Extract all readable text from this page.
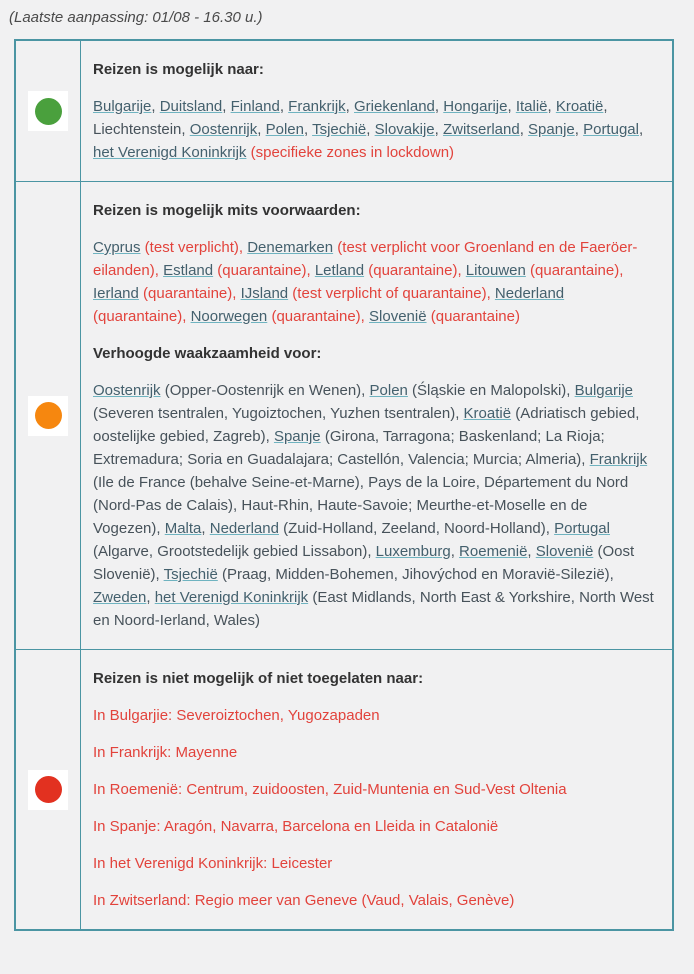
(Laatste aanpassing: 01/08 - 16.30 u.)

Reizen is mogelijk naar:

Bulgarije, Duitsland, Finland, Frankrijk, Griekenland, Hongarije, Italië, Kroatië, Liechtenstein, Oostenrijk, Polen, Tsjechië, Slovakije, Zwitserland, Spanje, Portugal, het Verenigd Koninkrijk (specifieke zones in lockdown)

Reizen is mogelijk mits voorwaarden:

Cyprus (test verplicht), Denemarken (test verplicht voor Groenland en de Faeröer-eilanden), Estland (quarantaine), Letland (quarantaine), Litouwen (quarantaine), Ierland (quarantaine), IJsland (test verplicht of quarantaine), Nederland (quarantaine), Noorwegen (quarantaine), Slovenië (quarantaine)

Verhoogde waakzaamheid voor:

Oostenrijk (Opper-Oostenrijk en Wenen), Polen (Śląskie en Malopolski), Bulgarije (Severen tsentralen, Yugoiztochen, Yuzhen tsentralen), Kroatië (Adriatisch gebied, oostelijke gebied, Zagreb), Spanje (Girona, Tarragona; Baskenland; La Rioja; Extremadura; Soria en Guadalajara; Castellón, Valencia; Murcia; Almeria), Frankrijk (Ile de France (behalve Seine-et-Marne), Pays de la Loire, Département du Nord (Nord-Pas de Calais), Haut-Rhin, Haute-Savoie; Meurthe-et-Moselle en de Vogezen), Malta, Nederland (Zuid-Holland, Zeeland, Noord-Holland), Portugal (Algarve, Grootstedelijk gebied Lissabon), Luxemburg, Roemenië, Slovenië (Oost Slovenië), Tsjechië (Praag, Midden-Bohemen, Jihovýchod en Moravië-Silezië), Zweden, het Verenigd Koninkrijk (East Midlands, North East & Yorkshire, North West en Noord-Ierland, Wales)

Reizen is niet mogelijk of niet toegelaten naar:

In Bulgarjie: Severoiztochen, Yugozapaden

In Frankrijk: Mayenne

In Roemenië: Centrum, zuidoosten, Zuid-Muntenia en Sud-Vest Oltenia

In Spanje: Aragón, Navarra, Barcelona en Lleida in Catalonië

In het Verenigd Koninkrijk: Leicester

In Zwitserland: Regio meer van Geneve (Vaud, Valais, Genève)
